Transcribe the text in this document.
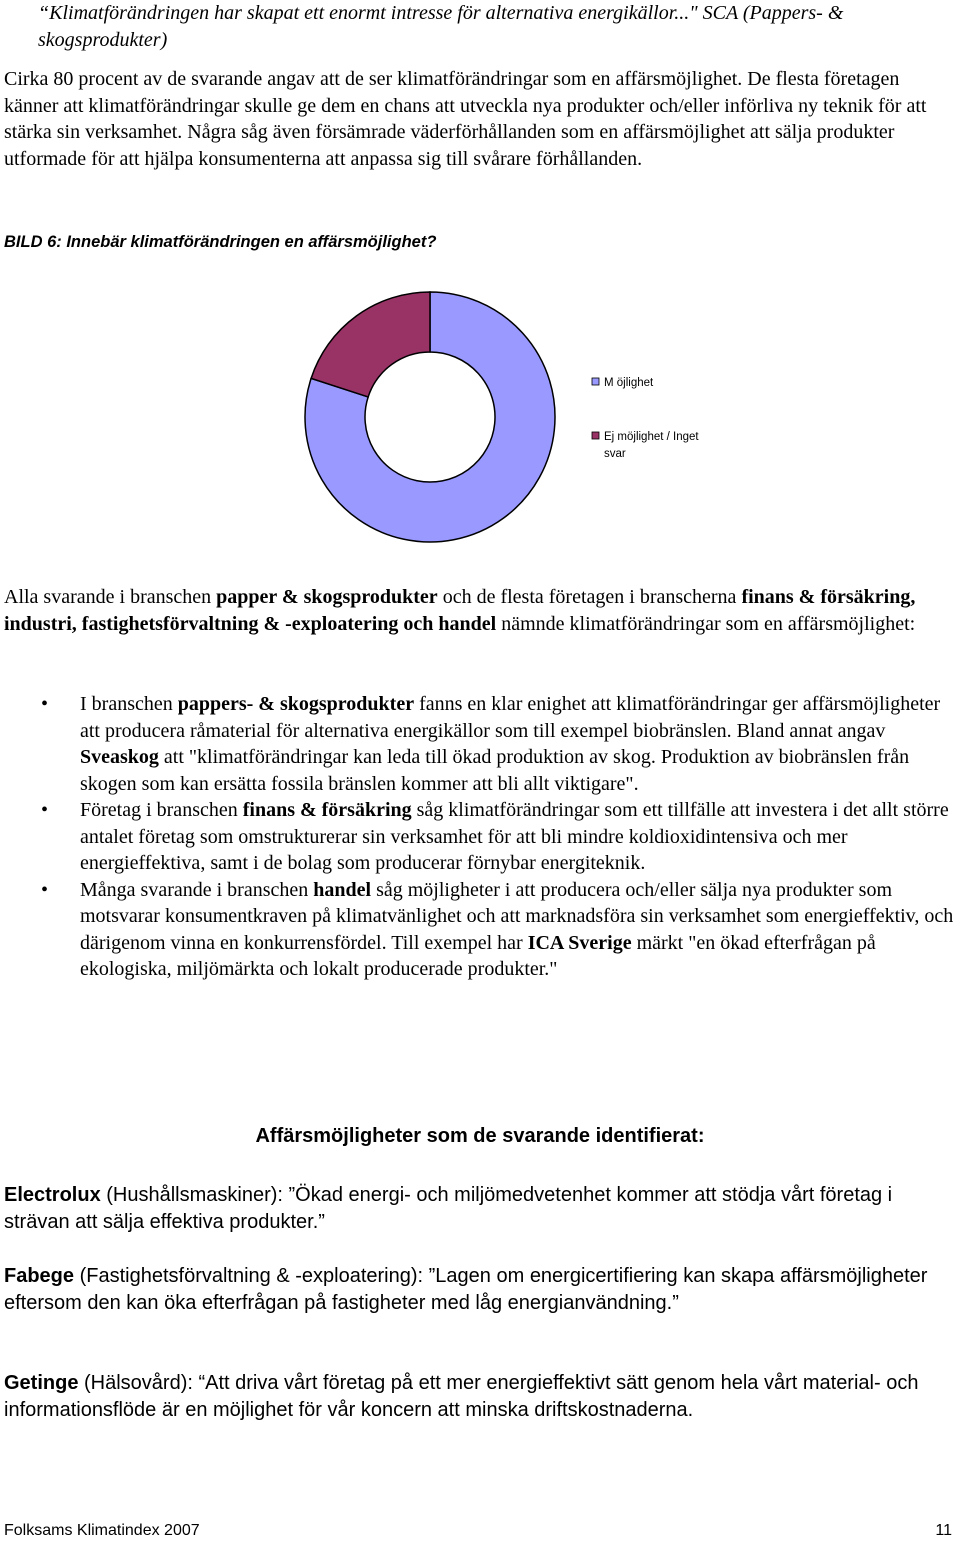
“Klimatförändringen har skapat ett enormt intresse för alternativa energikällor..." SCA (Pappers- & skogsprodukter)
Cirka 80 procent av de svarande angav att de ser klimatförändringar som en affärsmöjlighet. De flesta företagen känner att klimatförändringar skulle ge dem en chans att utveckla nya produkter och/eller införliva ny teknik för att stärka sin verksamhet. Några såg även försämrade väderförhållanden som en affärsmöjlighet att sälja produkter utformade för att hjälpa konsumenterna att anpassa sig till svårare förhållanden.
BILD 6: Innebär klimatförändringen en affärsmöjlighet?
M öjlighet
Ej möjlighet / Inget
svar
Alla svarande i branschen papper & skogsprodukter och de flesta företagen i branscherna finans & försäkring, industri, fastighetsförvaltning & -exploatering och handel nämnde klimatförändringar som en affärsmöjlighet:
• I branschen pappers- & skogsprodukter fanns en klar enighet att klimatförändringar ger affärsmöjligheter att producera råmaterial för alternativa energikällor som till exempel biobränslen. Bland annat angav Sveaskog att "klimatförändringar kan leda till ökad produktion av skog. Produktion av biobränslen från skogen som kan ersätta fossila bränslen kommer att bli allt viktigare".
• Företag i branschen finans & försäkring såg klimatförändringar som ett tillfälle att investera i det allt större antalet företag som omstrukturerar sin verksamhet för att bli mindre koldioxidintensiva och mer energieffektiva, samt i de bolag som producerar förnybar energiteknik.
• Många svarande i branschen handel såg möjligheter i att producera och/eller sälja nya produkter som motsvarar konsumentkraven på klimatvänlighet och att marknadsföra sin verksamhet som energieffektiv, och därigenom vinna en konkurrensfördel. Till exempel har ICA Sverige märkt "en ökad efterfrågan på ekologiska, miljömärkta och lokalt producerade produkter."
Affärsmöjligheter som de svarande identifierat:
Electrolux (Hushållsmaskiner): ”Ökad energi- och miljömedvetenhet kommer att stödja vårt företag i strävan att sälja effektiva produkter.”
Fabege (Fastighetsförvaltning & -exploatering): ”Lagen om energicertifiering kan skapa affärsmöjligheter eftersom den kan öka efterfrågan på fastigheter med låg energianvändning.”
Getinge (Hälsovård): “Att driva vårt företag på ett mer energieffektivt sätt genom hela vårt material- och informationsflöde är en möjlighet för vår koncern att minska driftskostnaderna.
Folksams Klimatindex 2007	11
